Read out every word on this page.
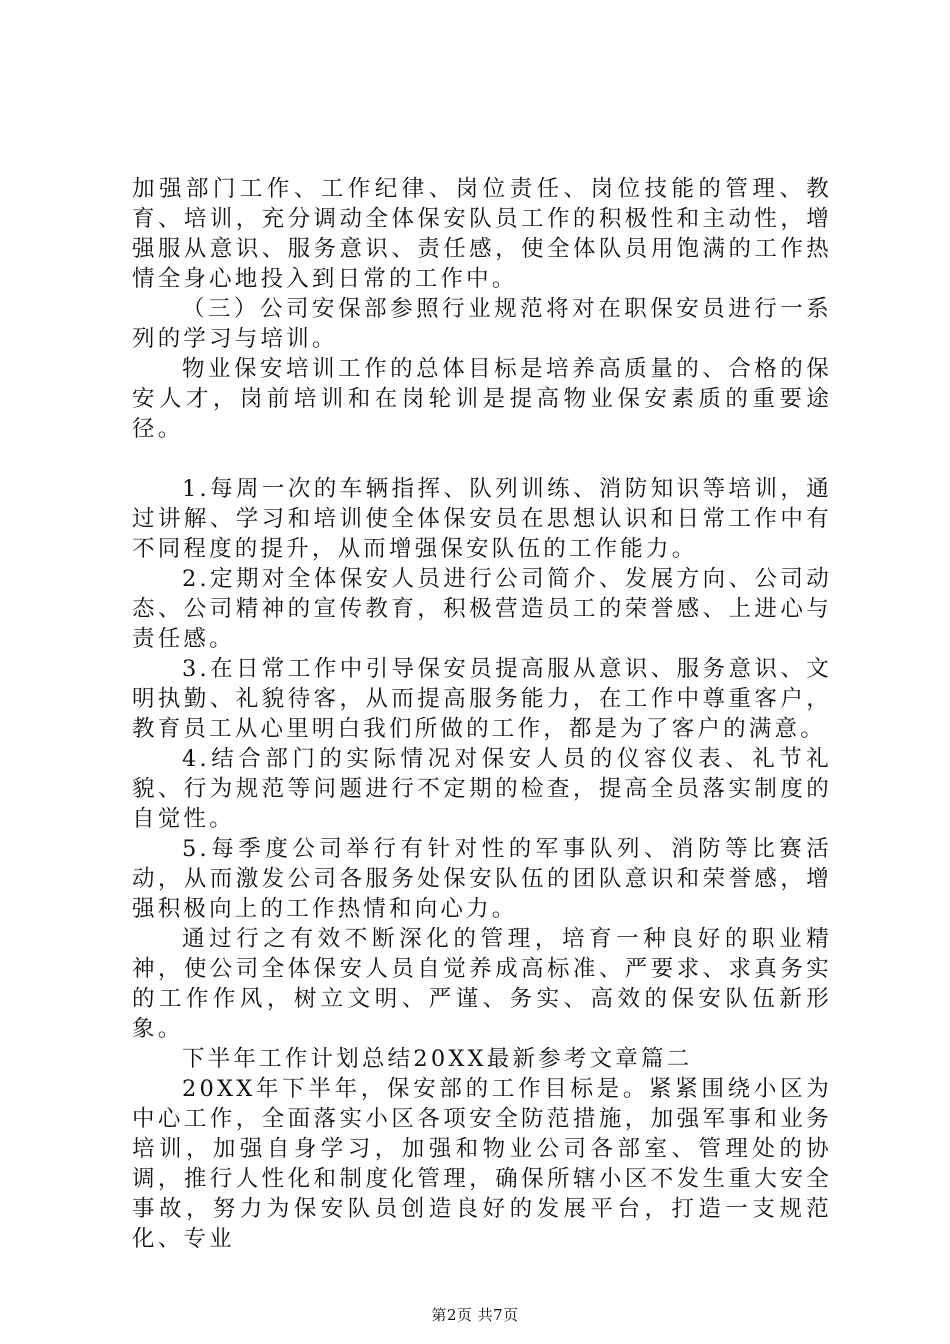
加强部门工作、工作纪律、岗位责任、岗位技能的管理、教育、培训，充分调动全体保安队员工作的积极性和主动性，增强服从意识、服务意识、责任感，使全体队员用饱满的工作热情全身心地投入到日常的工作中。

（三）公司安保部参照行业规范将对在职保安员进行一系列的学习与培训。

物业保安培训工作的总体目标是培养高质量的、合格的保安人才，岗前培训和在岗轮训是提高物业保安素质的重要途径。

1.每周一次的车辆指挥、队列训练、消防知识等培训，通过讲解、学习和培训使全体保安员在思想认识和日常工作中有不同程度的提升，从而增强保安队伍的工作能力。

2.定期对全体保安人员进行公司简介、发展方向、公司动态、公司精神的宣传教育，积极营造员工的荣誉感、上进心与责任感。

3.在日常工作中引导保安员提高服从意识、服务意识、文明执勤、礼貌待客，从而提高服务能力，在工作中尊重客户，教育员工从心里明白我们所做的工作，都是为了客户的满意。

4.结合部门的实际情况对保安人员的仪容仪表、礼节礼貌、行为规范等问题进行不定期的检查，提高全员落实制度的自觉性。

5.每季度公司举行有针对性的军事队列、消防等比赛活动，从而激发公司各服务处保安队伍的团队意识和荣誉感，增强积极向上的工作热情和向心力。

通过行之有效不断深化的管理，培育一种良好的职业精神，使公司全体保安人员自觉养成高标准、严要求、求真务实的工作作风，树立文明、严谨、务实、高效的保安队伍新形象。

下半年工作计划总结20XX最新参考文章篇二

20XX年下半年，保安部的工作目标是。紧紧围绕小区为中心工作，全面落实小区各项安全防范措施，加强军事和业务培训，加强自身学习，加强和物业公司各部室、管理处的协调，推行人性化和制度化管理，确保所辖小区不发生重大安全事故，努力为保安队员创造良好的发展平台，打造一支规范化、专业

第2页 共7页
